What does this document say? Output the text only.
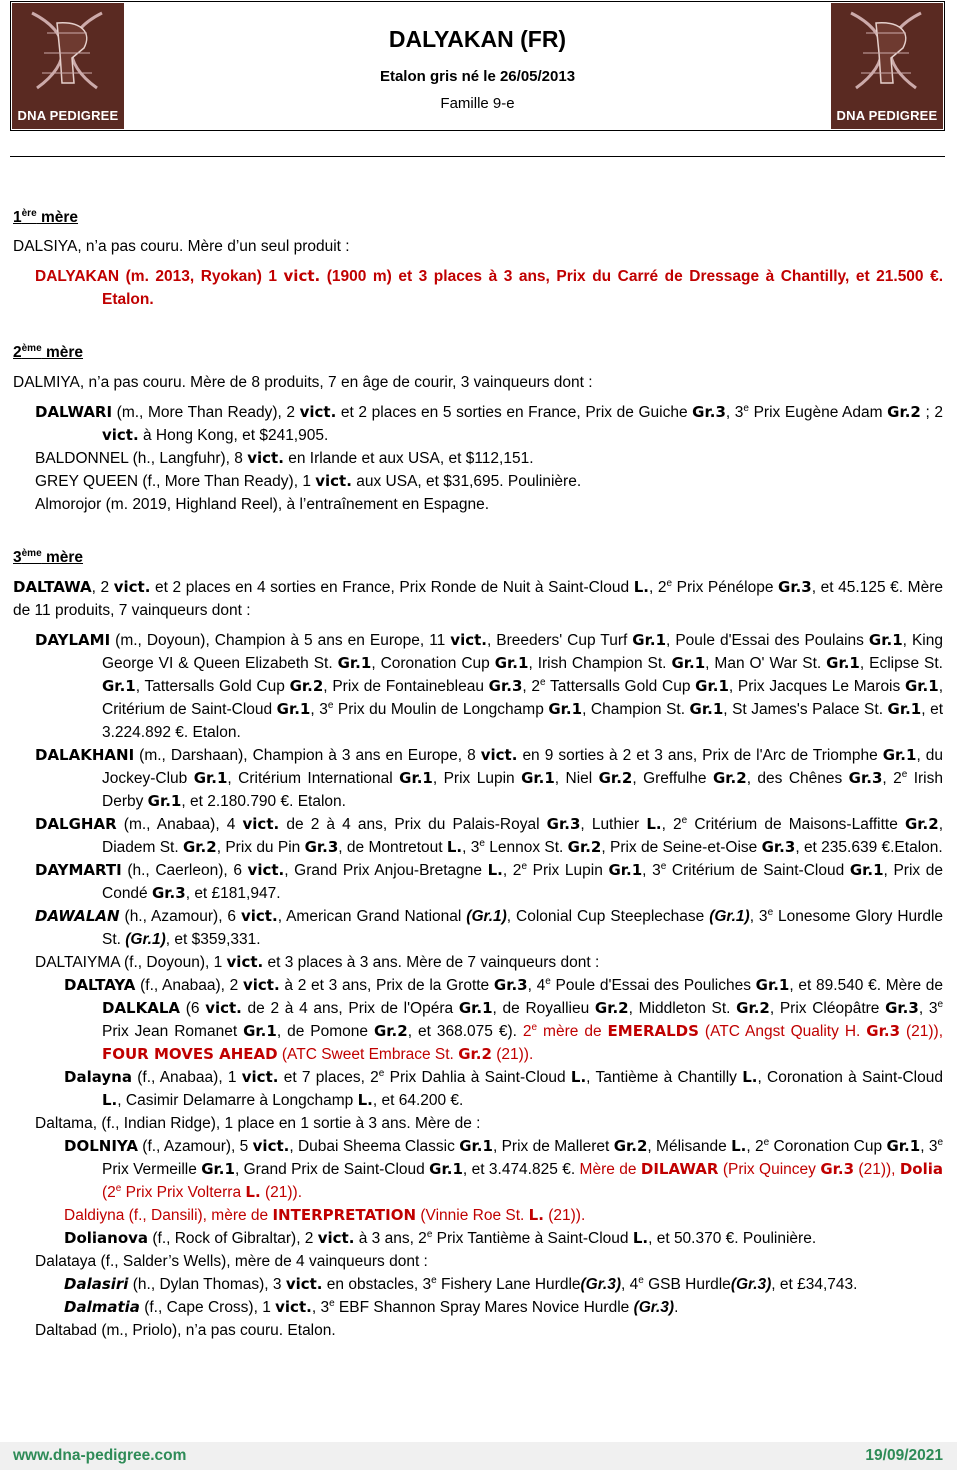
DNA PEDIGREE
DALYAKAN (FR)
Etalon gris né le 26/05/2013
Famille 9-e
DNA PEDIGREE

1ère mère

DALSIYA, n’a pas couru. Mère d’un seul produit :

DALYAKAN (m. 2013, Ryokan) 1 vict. (1900 m) et 3 places à 3 ans, Prix du Carré de Dressage à Chantilly, et 21.500 €. Etalon.

2ème mère

DALMIYA, n’a pas couru. Mère de 8 produits, 7 en âge de courir, 3 vainqueurs dont :

DALWARI (m., More Than Ready), 2 vict. et 2 places en 5 sorties en France, Prix de Guiche Gr.3, 3e Prix Eugène Adam Gr.2 ; 2 vict. à Hong Kong, et $241,905.

BALDONNEL (h., Langfuhr), 8 vict. en Irlande et aux USA, et $112,151.

GREY QUEEN (f., More Than Ready), 1 vict. aux USA, et $31,695. Poulinière.

Almorojor (m. 2019, Highland Reel), à l’entraînement en Espagne.

3ème mère

DALTAWA, 2 vict. et 2 places en 4 sorties en France, Prix Ronde de Nuit à Saint-Cloud L., 2e Prix Pénélope Gr.3, et 45.125 €. Mère de 11 produits, 7 vainqueurs dont :

DAYLAMI (m., Doyoun), Champion à 5 ans en Europe, 11 vict., Breeders' Cup Turf Gr.1, Poule d'Essai des Poulains Gr.1, King George VI & Queen Elizabeth St. Gr.1, Coronation Cup Gr.1, Irish Champion St. Gr.1, Man O' War St. Gr.1, Eclipse St. Gr.1, Tattersalls Gold Cup Gr.2, Prix de Fontainebleau Gr.3, 2e Tattersalls Gold Cup Gr.1, Prix Jacques Le Marois Gr.1, Critérium de Saint-Cloud Gr.1, 3e Prix du Moulin de Longchamp Gr.1, Champion St. Gr.1, St James's Palace St. Gr.1, et 3.224.892 €. Etalon.

DALAKHANI (m., Darshaan), Champion à 3 ans en Europe, 8 vict. en 9 sorties à 2 et 3 ans, Prix de l'Arc de Triomphe Gr.1, du Jockey-Club Gr.1, Critérium International Gr.1, Prix Lupin Gr.1, Niel Gr.2, Greffulhe Gr.2, des Chênes Gr.3, 2e Irish Derby Gr.1, et 2.180.790 €. Etalon.

DALGHAR (m., Anabaa), 4 vict. de 2 à 4 ans, Prix du Palais-Royal Gr.3, Luthier L., 2e Critérium de Maisons-Laffitte Gr.2, Diadem St. Gr.2, Prix du Pin Gr.3, de Montretout L., 3e Lennox St. Gr.2, Prix de Seine-et-Oise Gr.3, et 235.639 €.Etalon.

DAYMARTI (h., Caerleon), 6 vict., Grand Prix Anjou-Bretagne L., 2e Prix Lupin Gr.1, 3e Critérium de Saint-Cloud Gr.1, Prix de Condé Gr.3, et £181,947.

DAWALAN (h., Azamour), 6 vict., American Grand National (Gr.1), Colonial Cup Steeplechase (Gr.1), 3e Lonesome Glory Hurdle St. (Gr.1), et $359,331.

DALTAIYMA (f., Doyoun), 1 vict. et 3 places à 3 ans. Mère de 7 vainqueurs dont :

DALTAYA (f., Anabaa), 2 vict. à 2 et 3 ans, Prix de la Grotte Gr.3, 4e Poule d'Essai des Pouliches Gr.1, et 89.540 €. Mère de DALKALA (6 vict. de 2 à 4 ans, Prix de l'Opéra Gr.1, de Royallieu Gr.2, Middleton St. Gr.2, Prix Cléopâtre Gr.3, 3e Prix Jean Romanet Gr.1, de Pomone Gr.2, et 368.075 €). 2e mère de EMERALDS (ATC Angst Quality H. Gr.3 (21)), FOUR MOVES AHEAD (ATC Sweet Embrace St. Gr.2 (21)).

Dalayna (f., Anabaa), 1 vict. et 7 places, 2e Prix Dahlia à Saint-Cloud L., Tantième à Chantilly L., Coronation à Saint-Cloud L., Casimir Delamarre à Longchamp L., et 64.200 €.

Daltama, (f., Indian Ridge), 1 place en 1 sortie à 3 ans. Mère de :

DOLNIYA (f., Azamour), 5 vict., Dubai Sheema Classic Gr.1, Prix de Malleret Gr.2, Mélisande L., 2e Coronation Cup Gr.1, 3e Prix Vermeille Gr.1, Grand Prix de Saint-Cloud Gr.1, et 3.474.825 €. Mère de DILAWAR (Prix Quincey Gr.3 (21)), Dolia (2e Prix Prix Volterra L. (21)).

Daldiyna (f., Dansili), mère de INTERPRETATION (Vinnie Roe St. L. (21)).

Dolianova (f., Rock of Gibraltar), 2 vict. à 3 ans, 2e Prix Tantième à Saint-Cloud L., et 50.370 €. Poulinière.

Dalataya (f., Salder’s Wells), mère de 4 vainqueurs dont :

Dalasiri (h., Dylan Thomas), 3 vict. en obstacles, 3e Fishery Lane Hurdle(Gr.3), 4e GSB Hurdle(Gr.3), et £34,743.

Dalmatia (f., Cape Cross), 1 vict., 3e EBF Shannon Spray Mares Novice Hurdle (Gr.3).

Daltabad (m., Priolo), n’a pas couru. Etalon.

www.dna-pedigree.com	19/09/2021
